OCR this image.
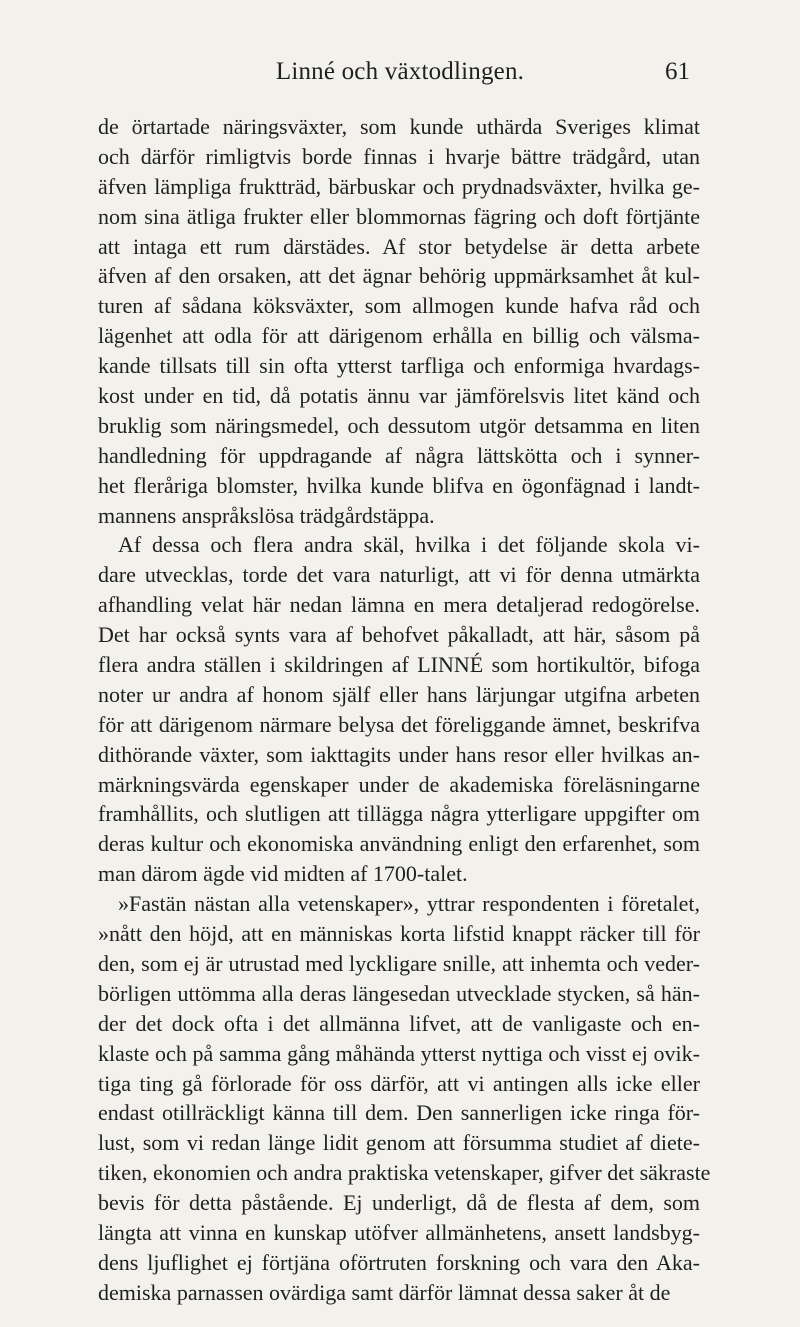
Linné och växtodlingen.	61
de örtartade näringsväxter, som kunde uthärda Sveriges klimat
och därför rimligtvis borde finnas i hvarje bättre trädgård, utan
äfven lämpliga fruktträd, bärbuskar och prydnadsväxter, hvilka ge-
nom sina ätliga frukter eller blommornas fägring och doft förtjänte
att intaga ett rum därstädes. Af stor betydelse är detta arbete
äfven af den orsaken, att det ägnar behörig uppmärksamhet åt kul-
turen af sådana köksväxter, som allmogen kunde hafva råd och
lägenhet att odla för att därigenom erhålla en billig och välsma-
kande tillsats till sin ofta ytterst tarfliga och enformiga hvardags-
kost under en tid, då potatis ännu var jämförelsvis litet känd och
bruklig som näringsmedel, och dessutom utgör detsamma en liten
handledning för uppdragande af några lättskötta och i synner-
het fleråriga blomster, hvilka kunde blifva en ögonfägnad i landt-
mannens anspråkslösa trädgårdstäppa.
Af dessa och flera andra skäl, hvilka i det följande skola vi-
dare utvecklas, torde det vara naturligt, att vi för denna utmärkta
afhandling velat här nedan lämna en mera detaljerad redogörelse.
Det har också synts vara af behofvet påkalladt, att här, såsom på
flera andra ställen i skildringen af LINNÉ som hortikultör, bifoga
noter ur andra af honom själf eller hans lärjungar utgifna arbeten
för att därigenom närmare belysa det föreliggande ämnet, beskrifva
dithörande växter, som iakttagits under hans resor eller hvilkas an-
märkningsvärda egenskaper under de akademiska föreläsningarne
framhållits, och slutligen att tillägga några ytterligare uppgifter om
deras kultur och ekonomiska användning enligt den erfarenhet, som
man därom ägde vid midten af 1700-talet.
»Fastän nästan alla vetenskaper», yttrar respondenten i företalet,
»nått den höjd, att en människas korta lifstid knappt räcker till för
den, som ej är utrustad med lyckligare snille, att inhemta och veder-
börligen uttömma alla deras längesedan utvecklade stycken, så hän-
der det dock ofta i det allmänna lifvet, att de vanligaste och en-
klaste och på samma gång måhända ytterst nyttiga och visst ej ovik-
tiga ting gå förlorade för oss därför, att vi antingen alls icke eller
endast otillräckligt känna till dem. Den sannerligen icke ringa för-
lust, som vi redan länge lidit genom att försumma studiet af diete-
tiken, ekonomien och andra praktiska vetenskaper, gifver det säkraste
bevis för detta påstående. Ej underligt, då de flesta af dem, som
längta att vinna en kunskap utöfver allmänhetens, ansett landsbyg-
dens ljuflighet ej förtjäna oförtruten forskning och vara den Aka-
demiska parnassen ovärdiga samt därför lämnat dessa saker åt de
